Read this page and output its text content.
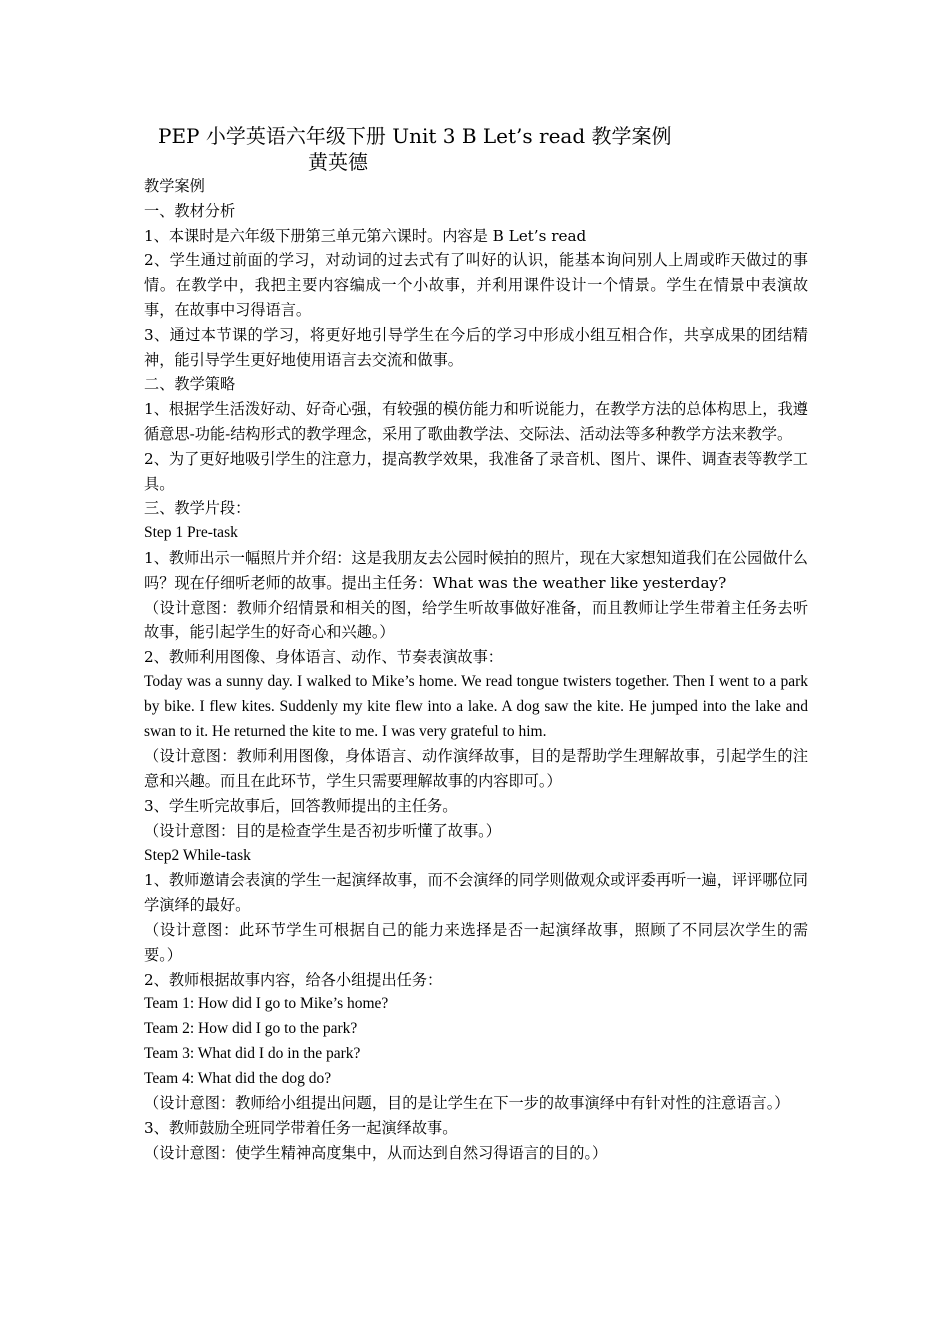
PEP 小学英语六年级下册 Unit 3 B Let’s read 教学案例
黄英德

教学案例

一、教材分析

1、本课时是六年级下册第三单元第六课时。内容是 B Let’s read

2、学生通过前面的学习，对动词的过去式有了叫好的认识，能基本询问别人上周或昨天做过的事情。在教学中，我把主要内容编成一个小故事，并利用课件设计一个情景。学生在情景中表演故事，在故事中习得语言。

3、通过本节课的学习，将更好地引导学生在今后的学习中形成小组互相合作，共享成果的团结精神，能引导学生更好地使用语言去交流和做事。

二、教学策略

1、根据学生活泼好动、好奇心强，有较强的模仿能力和听说能力，在教学方法的总体构思上，我遵循意思-功能-结构形式的教学理念，采用了歌曲教学法、交际法、活动法等多种教学方法来教学。

2、为了更好地吸引学生的注意力，提高教学效果，我准备了录音机、图片、课件、调查表等教学工具。

三、教学片段：

Step 1 Pre-task

1、教师出示一幅照片并介绍：这是我朋友去公园时候拍的照片，现在大家想知道我们在公园做什么吗？现在仔细听老师的故事。提出主任务：What was the weather like yesterday?

（设计意图：教师介绍情景和相关的图，给学生听故事做好准备，而且教师让学生带着主任务去听故事，能引起学生的好奇心和兴趣。）

2、教师利用图像、身体语言、动作、节奏表演故事：

Today was a sunny day. I walked to Mike’s home. We read tongue twisters together. Then I went to a park by bike. I flew kites. Suddenly my kite flew into a lake. A dog saw the kite. He jumped into the lake and swan to it. He returned the kite to me. I was very grateful to him.

（设计意图：教师利用图像，身体语言、动作演绎故事，目的是帮助学生理解故事，引起学生的注意和兴趣。而且在此环节，学生只需要理解故事的内容即可。）

3、学生听完故事后，回答教师提出的主任务。

（设计意图：目的是检查学生是否初步听懂了故事。）

Step2 While-task

1、教师邀请会表演的学生一起演绎故事，而不会演绎的同学则做观众或评委再听一遍，评评哪位同学演绎的最好。

（设计意图：此环节学生可根据自己的能力来选择是否一起演绎故事，照顾了不同层次学生的需要。）

2、教师根据故事内容，给各小组提出任务：

Team 1: How did I go to Mike’s home?

Team 2: How did I go to the park?

Team 3: What did I do in the park?

Team 4: What did the dog do?

（设计意图：教师给小组提出问题，目的是让学生在下一步的故事演绎中有针对性的注意语言。）

3、教师鼓励全班同学带着任务一起演绎故事。

（设计意图：使学生精神高度集中，从而达到自然习得语言的目的。）
